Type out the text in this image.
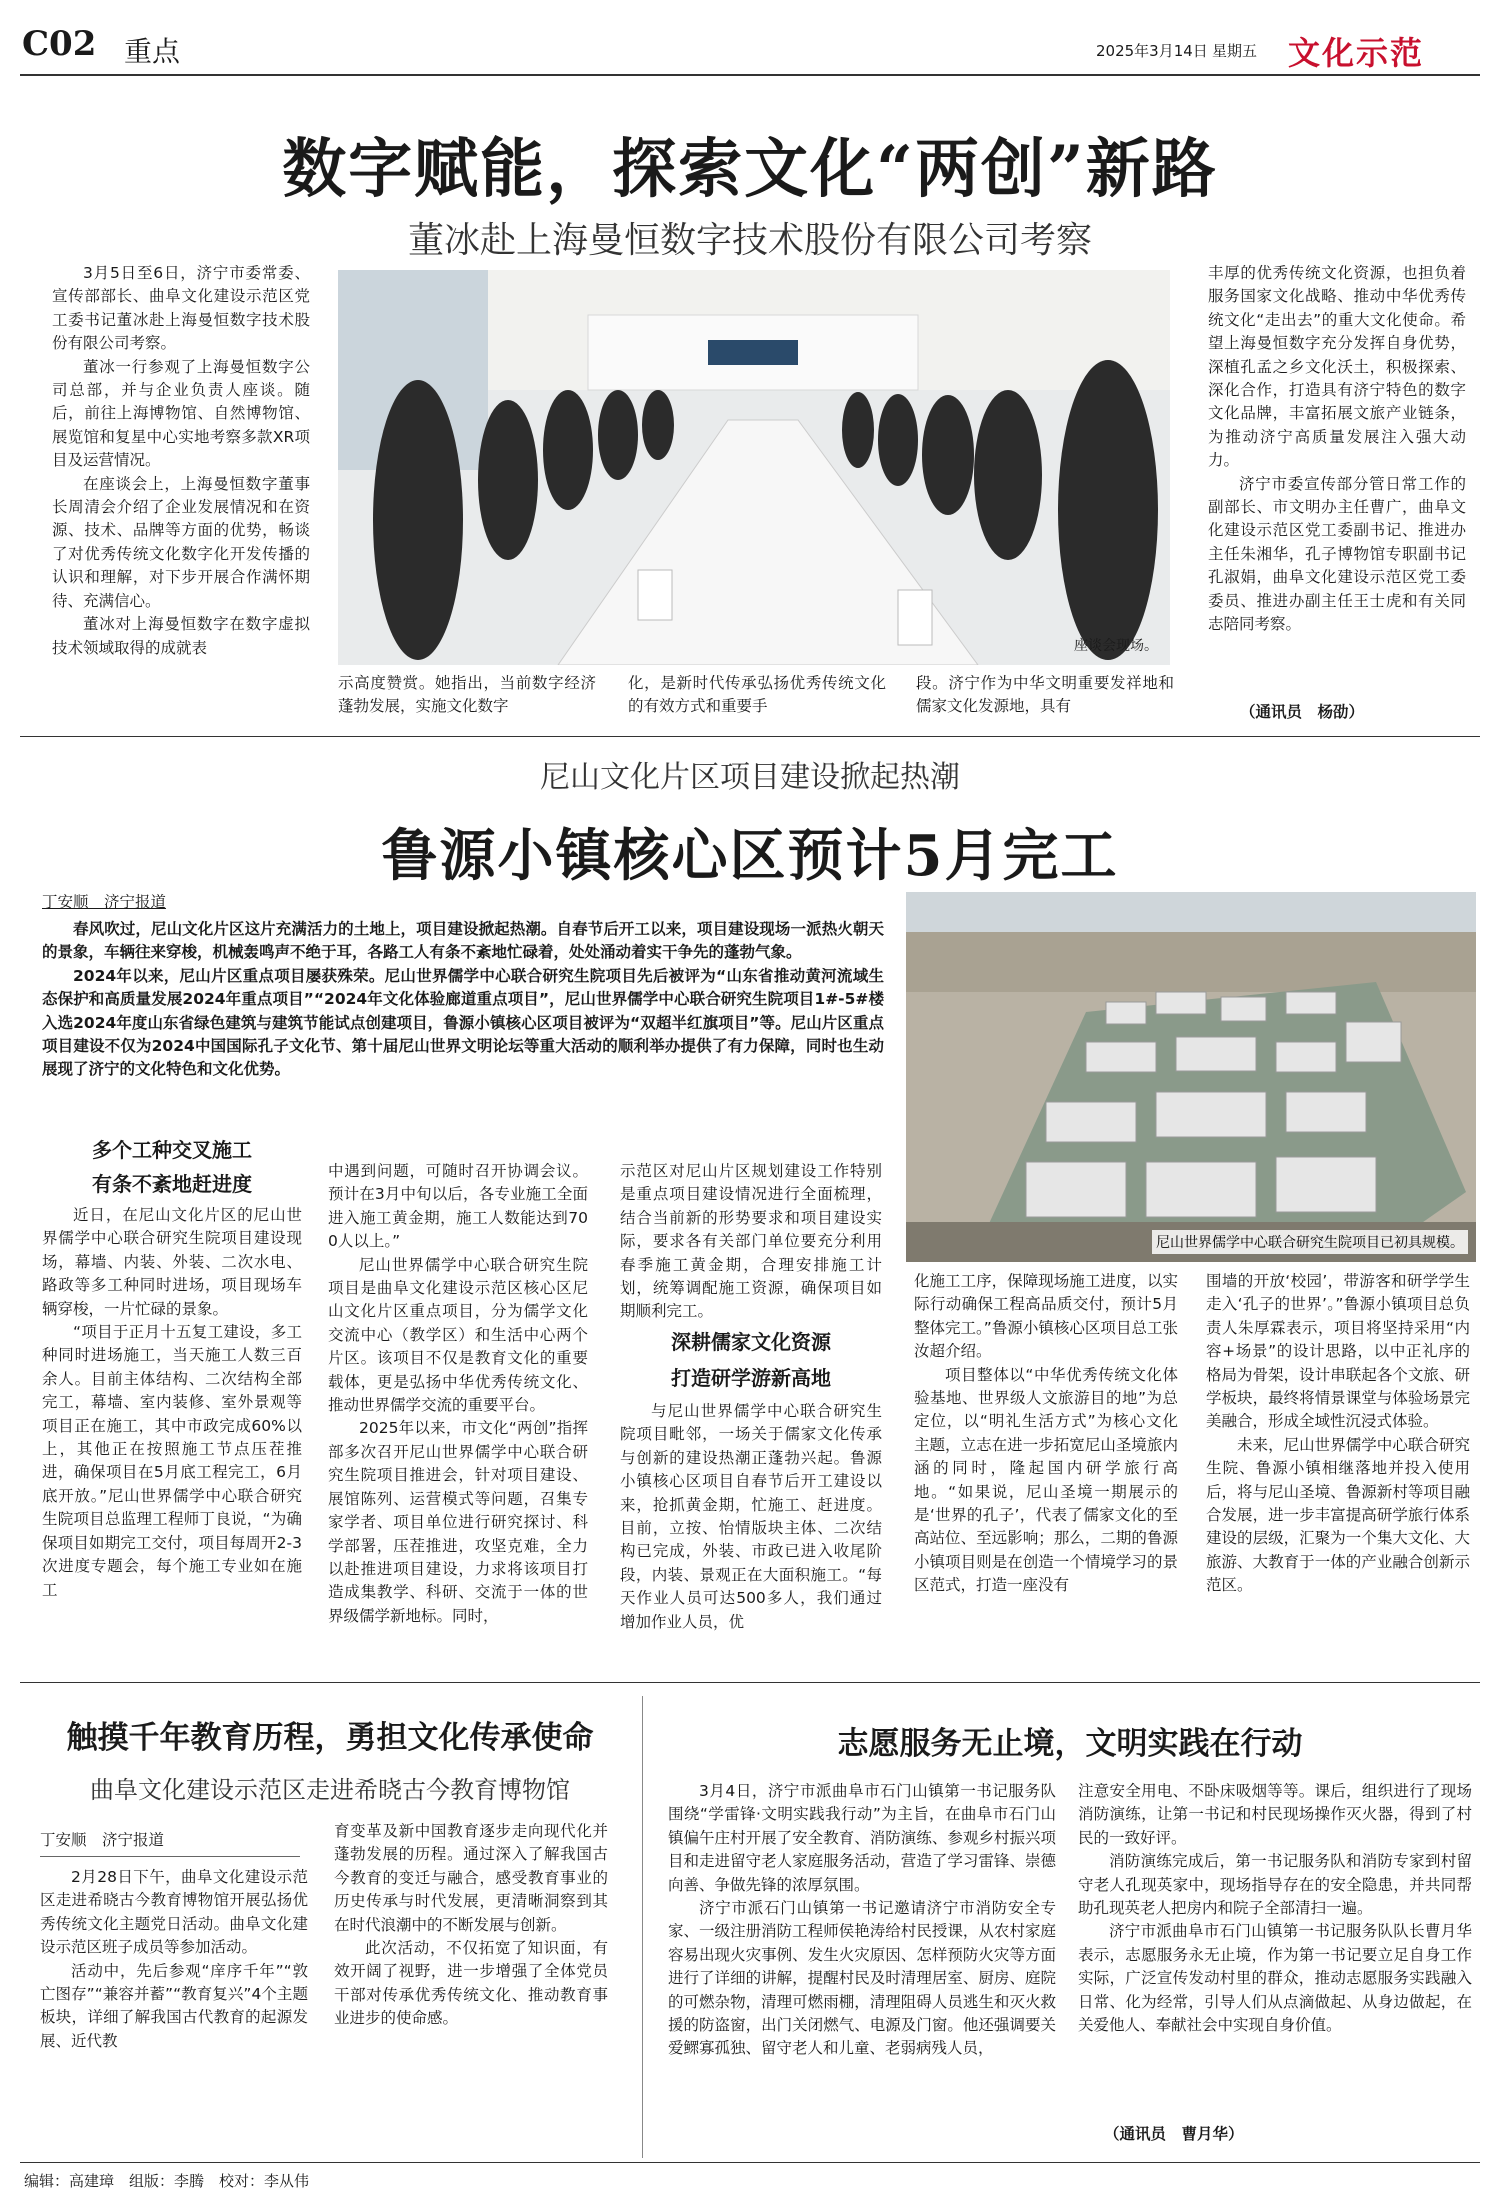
C02 重点	2025年3月14日 星期五 文化示范
数字赋能，探索文化“两创”新路
董冰赴上海曼恒数字技术股份有限公司考察

3月5日至6日，济宁市委常委、宣传部部长、曲阜文化建设示范区党工委书记董冰赴上海曼恒数字技术股份有限公司考察。

董冰一行参观了上海曼恒数字公司总部，并与企业负责人座谈。随后，前往上海博物馆、自然博物馆、展览馆和复星中心实地考察多款XR项目及运营情况。

在座谈会上，上海曼恒数字董事长周清会介绍了企业发展情况和在资源、技术、品牌等方面的优势，畅谈了对优秀传统文化数字化开发传播的认识和理解，对下步开展合作满怀期待、充满信心。

董冰对上海曼恒数字在数字虚拟技术领域取得的成就表	座谈会现场。

示高度赞赏。她指出，当前数字经济蓬勃发展，实施文化数字

化，是新时代传承弘扬优秀传统文化的有效方式和重要手

段。济宁作为中华文明重要发祥地和儒家文化发源地，具有

丰厚的优秀传统文化资源，也担负着服务国家文化战略、推动中华优秀传统文化“走出去”的重大文化使命。希望上海曼恒数字充分发挥自身优势，深植孔孟之乡文化沃土，积极探索、深化合作，打造具有济宁特色的数字文化品牌，丰富拓展文旅产业链条，为推动济宁高质量发展注入强大动力。

济宁市委宣传部分管日常工作的副部长、市文明办主任曹广，曲阜文化建设示范区党工委副书记、推进办主任朱湘华，孔子博物馆专职副书记孔淑娟，曲阜文化建设示范区党工委委员、推进办副主任王士虎和有关同志陪同考察。

（通讯员　杨劭）
尼山文化片区项目建设掀起热潮
鲁源小镇核心区预计5月完工
丁安顺　济宁报道

春风吹过，尼山文化片区这片充满活力的土地上，项目建设掀起热潮。自春节后开工以来，项目建设现场一派热火朝天的景象，车辆往来穿梭，机械轰鸣声不绝于耳，各路工人有条不紊地忙碌着，处处涌动着实干争先的蓬勃气象。

2024年以来，尼山片区重点项目屡获殊荣。尼山世界儒学中心联合研究生院项目先后被评为“山东省推动黄河流域生态保护和高质量发展2024年重点项目”“2024年文化体验廊道重点项目”，尼山世界儒学中心联合研究生院项目1#-5#楼入选2024年度山东省绿色建筑与建筑节能试点创建项目，鲁源小镇核心区项目被评为“双超半红旗项目”等。尼山片区重点项目建设不仅为2024中国国际孔子文化节、第十届尼山世界文明论坛等重大活动的顺利举办提供了有力保障，同时也生动展现了济宁的文化特色和文化优势。

尼山世界儒学中心联合研究生院项目已初具规模。
多个工种交叉施工
有条不紊地赶进度

近日，在尼山文化片区的尼山世界儒学中心联合研究生院项目建设现场，幕墙、内装、外装、二次水电、路政等多工种同时进场，项目现场车辆穿梭，一片忙碌的景象。

“项目于正月十五复工建设，多工种同时进场施工，当天施工人数三百余人。目前主体结构、二次结构全部完工，幕墙、室内装修、室外景观等项目正在施工，其中市政完成60%以上，其他正在按照施工节点压茬推进，确保项目在5月底工程完工，6月底开放。”尼山世界儒学中心联合研究生院项目总监理工程师丁良说，“为确保项目如期完工交付，项目每周开2-3次进度专题会，每个施工专业如在施工

中遇到问题，可随时召开协调会议。预计在3月中旬以后，各专业施工全面进入施工黄金期，施工人数能达到700人以上。”

尼山世界儒学中心联合研究生院项目是曲阜文化建设示范区核心区尼山文化片区重点项目，分为儒学文化交流中心（教学区）和生活中心两个片区。该项目不仅是教育文化的重要载体，更是弘扬中华优秀传统文化、推动世界儒学交流的重要平台。

2025年以来，市文化“两创”指挥部多次召开尼山世界儒学中心联合研究生院项目推进会，针对项目建设、展馆陈列、运营模式等问题，召集专家学者、项目单位进行研究探讨、科学部署，压茬推进，攻坚克难，全力以赴推进项目建设，力求将该项目打造成集教学、科研、交流于一体的世界级儒学新地标。同时，

示范区对尼山片区规划建设工作特别是重点项目建设情况进行全面梳理，结合当前新的形势要求和项目建设实际，要求各有关部门单位要充分利用春季施工黄金期，合理安排施工计划，统筹调配施工资源，确保项目如期顺利完工。

深耕儒家文化资源
打造研学游新高地

与尼山世界儒学中心联合研究生院项目毗邻，一场关于儒家文化传承与创新的建设热潮正蓬勃兴起。鲁源小镇核心区项目自春节后开工建设以来，抢抓黄金期，忙施工、赶进度。目前，立按、怡情版块主体、二次结构已完成，外装、市政已进入收尾阶段，内装、景观正在大面积施工。“每天作业人员可达500多人，我们通过增加作业人员，优

化施工工序，保障现场施工进度，以实际行动确保工程高品质交付，预计5月整体完工。”鲁源小镇核心区项目总工张汝超介绍。

项目整体以“中华优秀传统文化体验基地、世界级人文旅游目的地”为总定位，以“明礼生活方式”为核心文化主题，立志在进一步拓宽尼山圣境旅内涵的同时，隆起国内研学旅行高地。“如果说，尼山圣境一期展示的是‘世界的孔子’，代表了儒家文化的至高站位、至远影响；那么，二期的鲁源小镇项目则是在创造一个情境学习的景区范式，打造一座没有

围墙的开放‘校园’，带游客和研学学生走入‘孔子的世界’。”鲁源小镇项目总负责人朱厚霖表示，项目将坚持采用“内容+场景”的设计思路，以中正礼序的格局为骨架，设计串联起各个文旅、研学板块，最终将情景课堂与体验场景完美融合，形成全域性沉浸式体验。

未来，尼山世界儒学中心联合研究生院、鲁源小镇相继落地并投入使用后，将与尼山圣境、鲁源新村等项目融合发展，进一步丰富提高研学旅行体系建设的层级，汇聚为一个集大文化、大旅游、大教育于一体的产业融合创新示范区。

触摸千年教育历程，勇担文化传承使命
曲阜文化建设示范区走进希晓古今教育博物馆
丁安顺　济宁报道

2月28日下午，曲阜文化建设示范区走进希晓古今教育博物馆开展弘扬优秀传统文化主题党日活动。曲阜文化建设示范区班子成员等参加活动。

活动中，先后参观“庠序千年”“敦亡图存”“兼容并蓄”“教育复兴”4个主题板块，详细了解我国古代教育的起源发展、近代教

育变革及新中国教育逐步走向现代化并蓬勃发展的历程。通过深入了解我国古今教育的变迁与融合，感受教育事业的历史传承与时代发展，更清晰洞察到其在时代浪潮中的不断发展与创新。

此次活动，不仅拓宽了知识面，有效开阔了视野，进一步增强了全体党员干部对传承优秀传统文化、推动教育事业进步的使命感。

志愿服务无止境，文明实践在行动

3月4日，济宁市派曲阜市石门山镇第一书记服务队围绕“学雷锋·文明实践我行动”为主旨，在曲阜市石门山镇偏午庄村开展了安全教育、消防演练、参观乡村振兴项目和走进留守老人家庭服务活动，营造了学习雷锋、崇德向善、争做先锋的浓厚氛围。

济宁市派石门山镇第一书记邀请济宁市消防安全专家、一级注册消防工程师侯艳涛给村民授课，从农村家庭容易出现火灾事例、发生火灾原因、怎样预防火灾等方面进行了详细的讲解，提醒村民及时清理居室、厨房、庭院的可燃杂物，清理可燃雨棚，清理阻碍人员逃生和灭火救援的防盗窗，出门关闭燃气、电源及门窗。他还强调要关爱鳏寡孤独、留守老人和儿童、老弱病残人员，

注意安全用电、不卧床吸烟等等。课后，组织进行了现场消防演练，让第一书记和村民现场操作灭火器，得到了村民的一致好评。

消防演练完成后，第一书记服务队和消防专家到村留守老人孔现英家中，现场指导存在的安全隐患，并共同帮助孔现英老人把房内和院子全部清扫一遍。

济宁市派曲阜市石门山镇第一书记服务队队长曹月华表示，志愿服务永无止境，作为第一书记要立足自身工作实际，广泛宣传发动村里的群众，推动志愿服务实践融入日常、化为经常，引导人们从点滴做起、从身边做起，在关爱他人、奉献社会中实现自身价值。

（通讯员　曹月华）
编辑：高建璋　组版：李腾　校对：李从伟
